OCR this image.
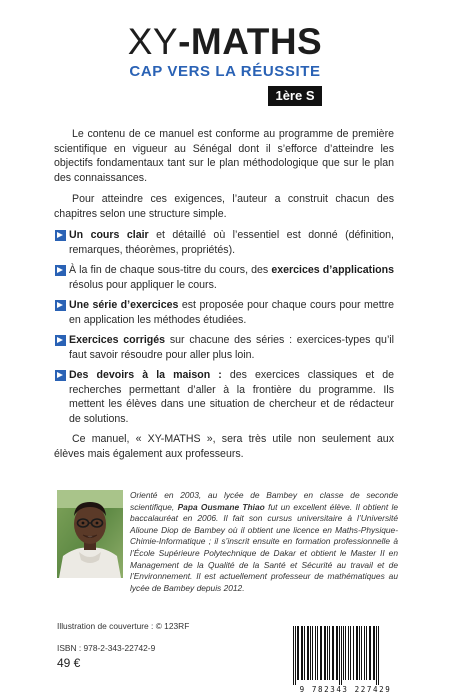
XY-MATHS
CAP VERS LA RÉUSSITE
1ère S

Le contenu de ce manuel est conforme au programme de première scientifique en vigueur au Sénégal dont il s’efforce d’atteindre les objectifs fondamentaux tant sur le plan méthodologique que sur le plan des connaissances.

Pour atteindre ces exigences, l’auteur a construit chacun des chapitres selon une structure simple.

Un cours clair et détaillé où l’essentiel est donné (définition, remarques, théorèmes, propriétés).
À la fin de chaque sous-titre du cours, des exercices d’applications résolus pour appliquer le cours.
Une série d’exercices est proposée pour chaque cours pour mettre en application les méthodes étudiées.
Exercices corrigés sur chacune des séries : exercices-types qu’il faut savoir résoudre pour aller plus loin.
Des devoirs à la maison : des exercices classiques et de recherches permettant d’aller à la frontière du programme. Ils mettent les élèves dans une situation de chercheur et de rédacteur de solutions.

Ce manuel, « XY-MATHS », sera très utile non seulement aux élèves mais également aux professeurs.

Orienté en 2003, au lycée de Bambey en classe de seconde scientifique, Papa Ousmane Thiao fut un excellent élève. Il obtient le baccalauréat en 2006. Il fait son cursus universitaire à l’Université Alioune Diop de Bambey où il obtient une licence en Maths-Physique-Chimie-Informatique ; il s’inscrit ensuite en formation professionnelle à l’École Supérieure Polytechnique de Dakar et obtient le Master II en Management de la Qualité de la Santé et Sécurité au travail et de l’Environnement. Il est actuellement professeur de mathématiques au lycée de Bambey depuis 2012.
Illustration de couverture : © 123RF
ISBN : 978-2-343-22742-9
49 €
9 782343 227429
